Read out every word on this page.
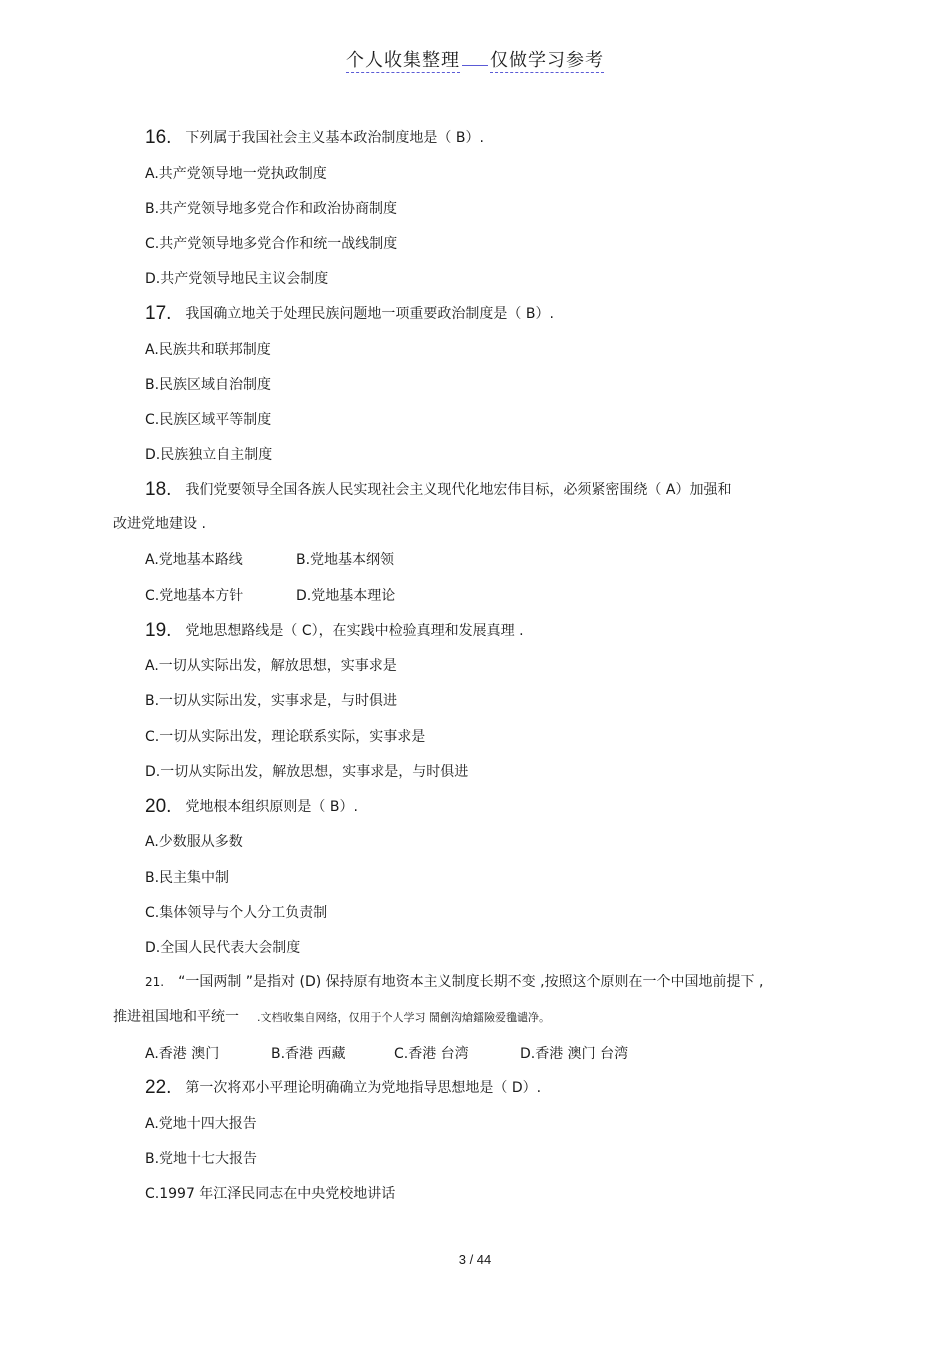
个人收集整理 仅做学习参考
16. 下列属于我国社会主义基本政治制度地是（ B）.
A.共产党领导地一党执政制度
B.共产党领导地多党合作和政治协商制度
C.共产党领导地多党合作和统一战线制度
D.共产党领导地民主议会制度
17. 我国确立地关于处理民族问题地一项重要政治制度是（ B）.
A.民族共和联邦制度
B.民族区域自治制度
C.民族区域平等制度
D.民族独立自主制度
18. 我们党要领导全国各族人民实现社会主义现代化地宏伟目标，必须紧密围绕（ A）加强和
改进党地建设 .
A.党地基本路线	B.党地基本纲领
C.党地基本方针	D.党地基本理论
19. 党地思想路线是（ C），在实践中检验真理和发展真理 .
A.一切从实际出发，解放思想，实事求是
B.一切从实际出发，实事求是，与时俱进
C.一切从实际出发，理论联系实际，实事求是
D.一切从实际出发，解放思想，实事求是，与时俱进
20. 党地根本组织原则是（ B）.
A.少数服从多数
B.民主集中制
C.集体领导与个人分工负责制
D.全国人民代表大会制度
21. “一国两制 ”是指对 (D) 保持原有地资本主义制度长期不变 ,按照这个原则在一个中国地前提下 ,
推进祖国地和平统一 .文档收集自网络，仅用于个人学习 鬧劊沟熗鐳險爱氇谴净。
A.香港 澳门	B.香港 西藏	C.香港 台湾	D.香港 澳门 台湾
22. 第一次将邓小平理论明确确立为党地指导思想地是（ D）.
A.党地十四大报告
B.党地十七大报告
C.1997 年江泽民同志在中央党校地讲话
3 / 44
